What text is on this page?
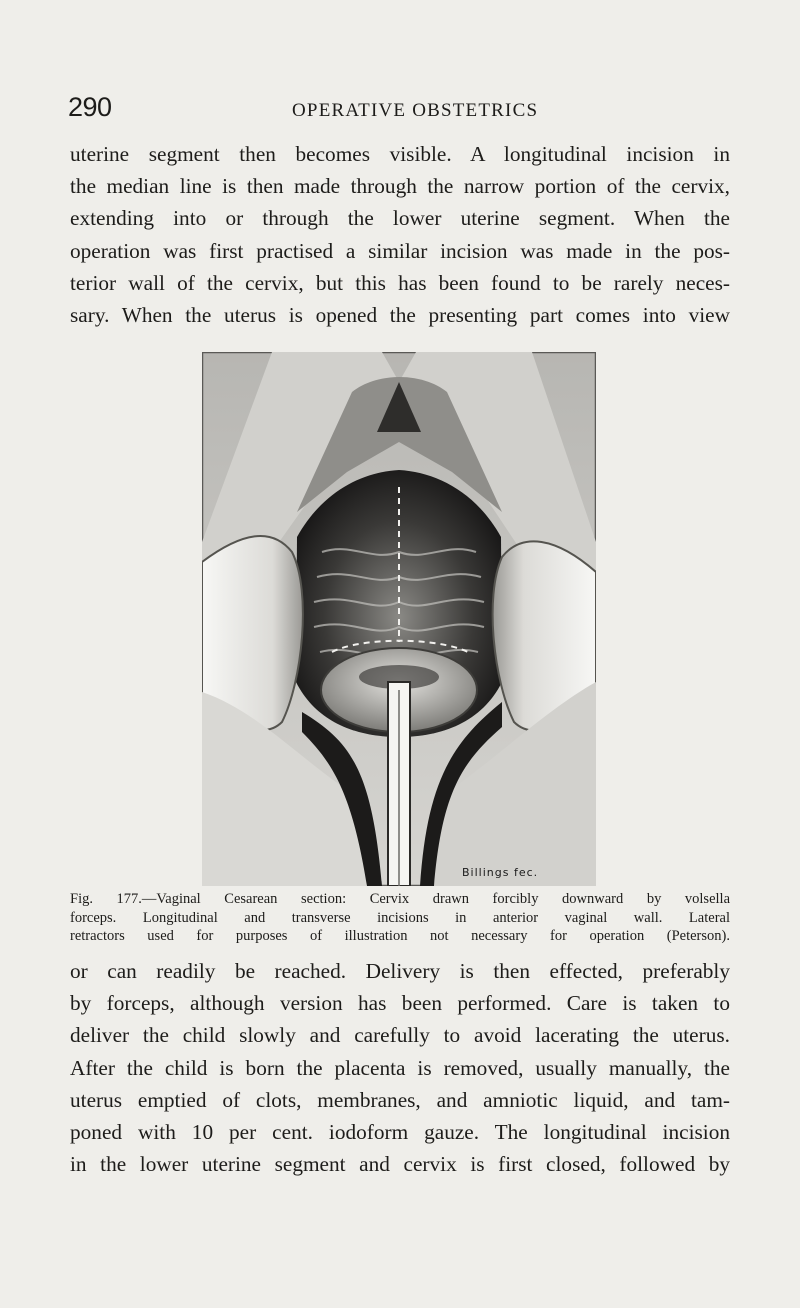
290	OPERATIVE OBSTETRICS

uterine segment then becomes visible. A longitudinal incision in
the median line is then made through the narrow portion of the cervix,
extending into or through the lower uterine segment. When the
operation was first practised a similar incision was made in the pos-
terior wall of the cervix, but this has been found to be rarely neces-
sary. When the uterus is opened the presenting part comes into view

Billings fec.

Fig. 177.—Vaginal Cesarean section: Cervix drawn forcibly downward by volsella
forceps. Longitudinal and transverse incisions in anterior vaginal wall. Lateral
retractors used for purposes of illustration not necessary for operation (Peterson).

or can readily be reached. Delivery is then effected, preferably
by forceps, although version has been performed. Care is taken to
deliver the child slowly and carefully to avoid lacerating the uterus.
After the child is born the placenta is removed, usually manually, the
uterus emptied of clots, membranes, and amniotic liquid, and tam-
poned with 10 per cent. iodoform gauze. The longitudinal incision
in the lower uterine segment and cervix is first closed, followed by
